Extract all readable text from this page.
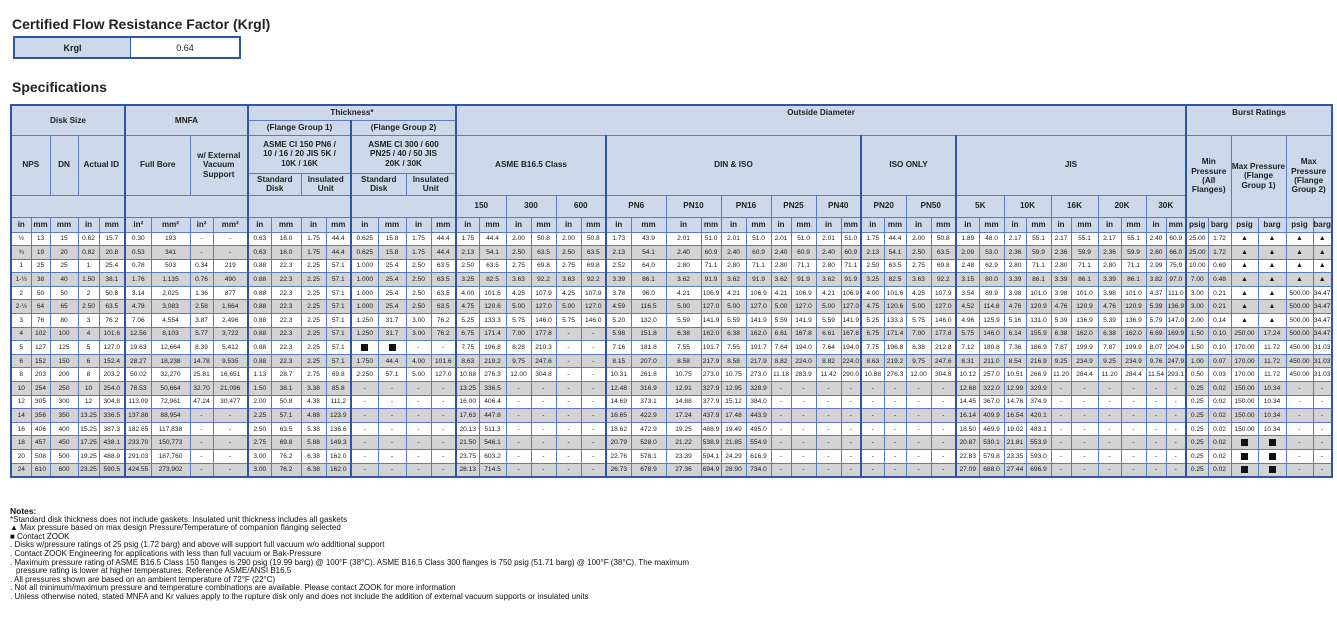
Certified Flow Resistance Factor (Krgl)
Krgl	0.64
Specifications
Disk Size					MNFA				Thickness*								Outside Diameter																														Burst Ratings					
									(Flange Group 1)				(Flange Group 2)																																							
NPS		DN	Actual ID		Full Bore		w/ External Vacuum Support		ASME Cl 150 PN6 / 10 / 16 / 20 JIS 5K / 10K / 16K				ASME Cl 300 / 600 PN25 / 40 / 50 JIS 20K / 30K				ASME B16.5 Class						DIN & ISO										ISO ONLY				JIS										Min Pressure (All Flanges)		Max Pressure (Flange Group 1)		Max Pressure (Flange Group 2)	
									Standard Disk		Insulated Unit		Standard Disk		Insulated Unit																																					
																	150		300		600		PN6		PN10		PN16		PN25		PN40		PN20		PN50		5K		10K		16K		20K		30K							
in	mm	mm	in	mm	in²	mm²	in²	mm²	in	mm	in	mm	in	mm	in	mm	in	mm	in	mm	in	mm	in	mm	in	mm	in	mm	in	mm	in	mm	in	mm	in	mm	in	mm	in	mm	in	mm	in	mm	in	mm	psig	barg	psig	barg	psig	barg
½	13	15	0.62	15.7	0.30	193	-	-	0.63	16.0	1.75	44.4	0.625	15.8	1.75	44.4	1.75	44.4	2.00	50.8	2.00	50.8	1.73	43.9	2.01	51.0	2.01	51.0	2.01	51.0	2.01	51.0	1.75	44.4	2.00	50.8	1.89	48.0	2.17	55.1	2.17	55.1	2.17	55.1	2.40	60.9	25.00	1.72	▲	▲	▲	▲
¾	19	20	0.82	20.8	0.53	341	-	-	0.63	16.0	1.75	44.4	0.625	15.8	1.75	44.4	2.13	54.1	2.50	63.5	2.50	63.5	2.13	54.1	2.40	60.9	2.40	60.9	2.40	60.9	2.40	60.9	2.13	54.1	2.50	63.5	2.09	53.0	2.36	59.9	2.36	59.9	2.36	59.9	2.60	66.0	25.00	1.72	▲	▲	▲	▲
1	25	25	1	25.4	0.78	503	0.34	219	0.88	22.3	2.25	57.1	1.000	25.4	2.50	63.5	2.50	63.5	2.75	69.8	2.75	69.8	2.52	64.0	2.80	71.1	2.80	71.1	2.80	71.1	2.80	71.1	2.50	63.5	2.75	69.8	2.48	62.9	2.80	71.1	2.80	71.1	2.80	71.1	2.99	75.9	10.00	0.69	▲	▲	▲	▲
1-½	38	40	1.50	38.1	1.76	1,135	0.76	490	0.88	22.3	2.25	57.1	1.000	25.4	2.50	63.5	3.25	82.5	3.63	92.2	3.63	92.2	3.39	86.1	3.62	91.9	3.62	91.9	3.62	91.9	3.62	91.9	3.25	82.5	3.63	92.2	3.15	80.0	3.39	86.1	3.39	86.1	3.39	86.1	3.82	97.0	7.00	0.48	▲	▲	▲	▲
2	50	50	2	50.8	3.14	2,025	1.36	877	0.88	22.3	2.25	57.1	1.000	25.4	2.50	63.5	4.00	101.6	4.25	107.9	4.25	107.9	3.78	96.0	4.21	106.9	4.21	106.9	4.21	106.9	4.21	106.9	4.00	101.6	4.25	107.9	3.54	89.9	3.98	101.0	3.98	101.0	3.98	101.0	4.37	111.0	3.00	0.21	▲	▲	500.00	34.47
2-½	64	65	2.50	63.5	4.78	3,083	2.58	1,664	0.88	22.3	2.25	57.1	1.000	25.4	2.50	63.5	4.75	120.6	5.00	127.0	5.00	127.0	4.59	116.5	5.00	127.0	5.00	127.0	5.00	127.0	5.00	127.0	4.75	120.6	5.00	127.0	4.52	114.8	4.76	120.9	4.76	120.9	4.76	120.9	5.39	136.9	3.00	0.21	▲	▲	500.00	34.47
3	76	80	3	76.2	7.06	4,554	3.87	2,496	0.88	22.3	2.25	57.1	1.250	31.7	3.00	76.2	5.25	133.3	5.75	146.0	5.75	146.0	5.20	132.0	5.59	141.9	5.59	141.9	5.59	141.9	5.59	141.9	5.25	133.3	5.75	146.0	4.96	125.9	5.16	131.0	5.39	136.9	5.39	136.9	5.79	147.0	2.00	0.14	▲	▲	500.00	34.47
4	102	100	4	101.6	12.56	8,103	5.77	3,722	0.88	22.3	2.25	57.1	1.250	31.7	3.00	76.2	6.75	171.4	7.00	177.8	-	-	5.98	151.8	6.38	162.0	6.38	162.0	6.61	167.8	6.61	167.8	6.75	171.4	7.00	177.8	5.75	146.0	6.14	155.9	6.38	162.0	6.38	162.0	6.69	169.9	1.50	0.10	250.00	17.24	500.00	34.47
5	127	125	5	127.0	19.63	12,664	8.39	5,412	0.88	22.3	2.25	57.1			-	-	7.75	196.8	8.28	210.3	-	-	7.16	181.8	7.55	191.7	7.55	191.7	7.64	194.0	7.64	194.0	7.75	196.8	8.38	212.8	7.12	180.8	7.36	186.9	7.87	199.9	7.87	199.9	8.07	204.9	1.50	0.10	170.00	11.72	450.00	31.03
6	152	150	6	152.4	28.27	18,238	14.78	9,535	0.88	22.3	2.25	57.1	1.750	44.4	4.00	101.6	8.63	219.2	9.75	247.6	-	-	8.15	207.0	8.58	217.9	8.58	217.9	8.82	224.0	8.82	224.0	8.63	219.2	9.75	247.6	8.31	211.0	8.54	216.9	9.25	234.9	9.25	234.9	9.76	247.9	1.00	0.07	170.00	11.72	450.00	31.03
8	203	200	8	203.2	50.02	32,270	25.81	16,651	1.13	28.7	2.75	69.8	2.250	57.1	5.00	127.0	10.88	276.3	12.00	304.8	-	-	10.31	261.8	10.75	273.0	10.75	273.0	11.18	283.9	11.42	290.0	10.88	276.3	12.00	304.8	10.12	257.0	10.51	266.9	11.20	284.4	11.20	284.4	11.54	293.1	0.50	0.03	170.00	11.72	450.00	31.03
10	254	250	10	254.0	78.53	50,664	32.70	21,096	1.50	38.1	3.38	85.8	-	-	-	-	13.25	336.5	-	-	-	-	12.48	316.9	12.91	327.9	12.95	328.9	-	-	-	-	-	-	-	-	12.68	322.0	12.99	329.9	-	-	-	-	-	-	0.25	0.02	150.00	10.34	-	-
12	305	300	12	304.8	113.09	72,961	47.24	30,477	2.00	50.8	4.38	111.2	-	-	-	-	16.00	406.4	-	-	-	-	14.69	373.1	14.88	377.9	15.12	384.0	-	-	-	-	-	-	-	-	14.45	367.0	14.76	374.9	-	-	-	-	-	-	0.25	0.02	150.00	10.34	-	-
14	356	350	13.25	336.5	137.88	88,954	-	-	2.25	57.1	4.88	123.9	-	-	-	-	17.63	447.8	-	-	-	-	16.65	422.9	17.24	437.9	17.48	443.9	-	-	-	-	-	-	-	-	16.14	409.9	16.54	420.1	-	-	-	-	-	-	0.25	0.02	150.00	10.34	-	-
16	406	400	15.25	387.3	182.65	117,838	-	-	2.50	63.5	5.38	136.6	-	-	-	-	20.13	511.3	-	-	-	-	18.62	472.9	19.25	488.9	19.49	495.0	-	-	-	-	-	-	-	-	18.50	469.9	19.02	483.1	-	-	-	-	-	-	0.25	0.02	150.00	10.34	-	-
18	457	450	17.25	438.1	233.70	150,773	-	-	2.75	69.8	5.88	149.3	-	-	-	-	21.50	546.1	-	-	-	-	20.79	528.0	21.22	538.9	21.85	554.9	-	-	-	-	-	-	-	-	20.87	530.1	21.81	553.9	-	-	-	-	-	-	0.25	0.02			-	-
20	508	500	19.25	488.9	291.03	187,760	-	-	3.00	76.2	6.38	162.0	-	-	-	-	23.75	603.2	-	-	-	-	22.76	578.1	23.39	594.1	24.29	616.9	-	-	-	-	-	-	-	-	22.83	579.8	23.35	593.0	-	-	-	-	-	-	0.25	0.02			-	-
24	610	600	23.25	590.5	424.55	273,902	-	-	3.00	76.2	6.38	162.0	-	-	-	-	28.13	714.5	-	-	-	-	26.73	678.9	27.36	694.9	28.90	734.0	-	-	-	-	-	-	-	-	27.09	688.0	27.44	696.9	-	-	-	-	-	-	0.25	0.02			-	-
Notes:
*Standard disk thickness does not include gaskets. Insulated unit thickness includes all gaskets
▲ Max pressure based on max design Pressure/Temperature of companion flanging selected
■ Contact ZOOK
. Disks w/pressure ratings of 25 psig (1.72 barg) and above will support full vacuum w/o additional support
. Contact ZOOK Engineering for applications with less than full vacuum or Bak-Pressure
. Maximum pressure rating of ASME B16.5 Class 150 flanges is 290 psig (19.99 barg) @ 100°F (38°C). ASME B16.5 Class 300 flanges is 750 psig (51.71 barg) @ 100°F (38°C). The maximum
pressure rating is lower at higher temperatures. Reference ASME/ANSI B16.5
. All pressures shown are based on an ambient temperature of 72°F (22°C)
. Not all minimum/maximum pressure and temperature combinations are available. Please contact ZOOK for more information
. Unless otherwise noted, stated MNFA and Kr values apply to the rupture disk only and does not include the addition of external vacuum supports or insulated units
